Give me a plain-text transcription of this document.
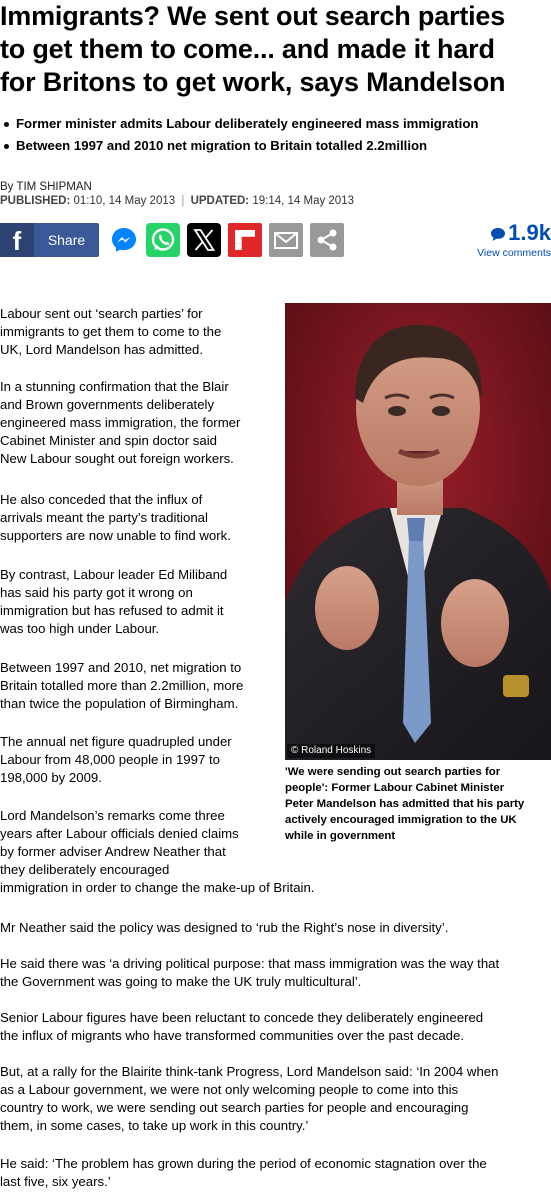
Immigrants? We sent out search parties
to get them to come... and made it hard
for Britons to get work, says Mandelson
Former minister admits Labour deliberately engineered mass immigration
Between 1997 and 2010 net migration to Britain totalled 2.2million
By TIM SHIPMAN
PUBLISHED: 01:10, 14 May 2013 | UPDATED: 19:14, 14 May 2013
f	Share	1.9k
View comments
© Roland Hoskins
'We were sending out search parties for
people': Former Labour Cabinet Minister
Peter Mandelson has admitted that his party
actively encouraged immigration to the UK
while in government

Labour sent out ‘search parties’ for
immigrants to get them to come to the
UK, Lord Mandelson has admitted.

In a stunning confirmation that the Blair
and Brown governments deliberately
engineered mass immigration, the former
Cabinet Minister and spin doctor said
New Labour sought out foreign workers.

He also conceded that the influx of
arrivals meant the party’s traditional
supporters are now unable to find work.

By contrast, Labour leader Ed Miliband
has said his party got it wrong on
immigration but has refused to admit it
was too high under Labour.

Between 1997 and 2010, net migration to
Britain totalled more than 2.2million, more
than twice the population of Birmingham.

The annual net figure quadrupled under
Labour from 48,000 people in 1997 to
198,000 by 2009.

Lord Mandelson’s remarks come three
years after Labour officials denied claims
by former adviser Andrew Neather that
they deliberately encouraged
immigration in order to change the make-up of Britain.

Mr Neather said the policy was designed to ‘rub the Right’s nose in diversity’.

He said there was ‘a driving political purpose: that mass immigration was the way that
the Government was going to make the UK truly multicultural’.

Senior Labour figures have been reluctant to concede they deliberately engineered
the influx of migrants who have transformed communities over the past decade.

But, at a rally for the Blairite think-tank Progress, Lord Mandelson said: ‘In 2004 when
as a Labour government, we were not only welcoming people to come into this
country to work, we were sending out search parties for people and encouraging
them, in some cases, to take up work in this country.’

He said: ‘The problem has grown during the period of economic stagnation over the
last five, six years.’
